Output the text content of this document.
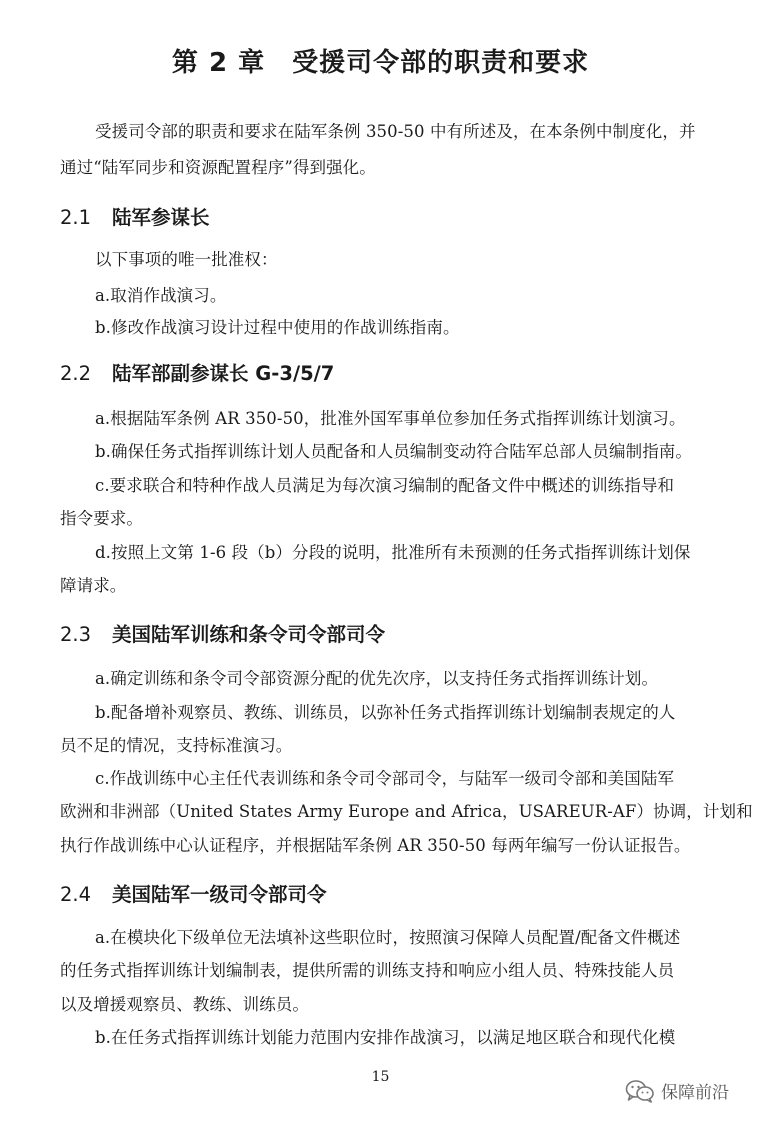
第 2 章　受援司令部的职责和要求
受援司令部的职责和要求在陆军条例 350-50 中有所述及，在本条例中制度化，并
通过“陆军同步和资源配置程序”得到强化。
2.1 陆军参谋长
以下事项的唯一批准权：
a.取消作战演习。
b.修改作战演习设计过程中使用的作战训练指南。
2.2 陆军部副参谋长 G-3/5/7
a.根据陆军条例 AR 350-50，批准外国军事单位参加任务式指挥训练计划演习。
b.确保任务式指挥训练计划人员配备和人员编制变动符合陆军总部人员编制指南。
c.要求联合和特种作战人员满足为每次演习编制的配备文件中概述的训练指导和
指令要求。
d.按照上文第 1-6 段（b）分段的说明，批准所有未预测的任务式指挥训练计划保
障请求。
2.3 美国陆军训练和条令司令部司令
a.确定训练和条令司令部资源分配的优先次序，以支持任务式指挥训练计划。
b.配备增补观察员、教练、训练员，以弥补任务式指挥训练计划编制表规定的人
员不足的情况，支持标准演习。
c.作战训练中心主任代表训练和条令司令部司令，与陆军一级司令部和美国陆军
欧洲和非洲部（United States Army Europe and Africa，USAREUR-AF）协调，计划和
执行作战训练中心认证程序，并根据陆军条例 AR 350-50 每两年编写一份认证报告。
2.4 美国陆军一级司令部司令
a.在模块化下级单位无法填补这些职位时，按照演习保障人员配置/配备文件概述
的任务式指挥训练计划编制表，提供所需的训练支持和响应小组人员、特殊技能人员
以及增援观察员、教练、训练员。
b.在任务式指挥训练计划能力范围内安排作战演习，以满足地区联合和现代化模
15
保障前沿
